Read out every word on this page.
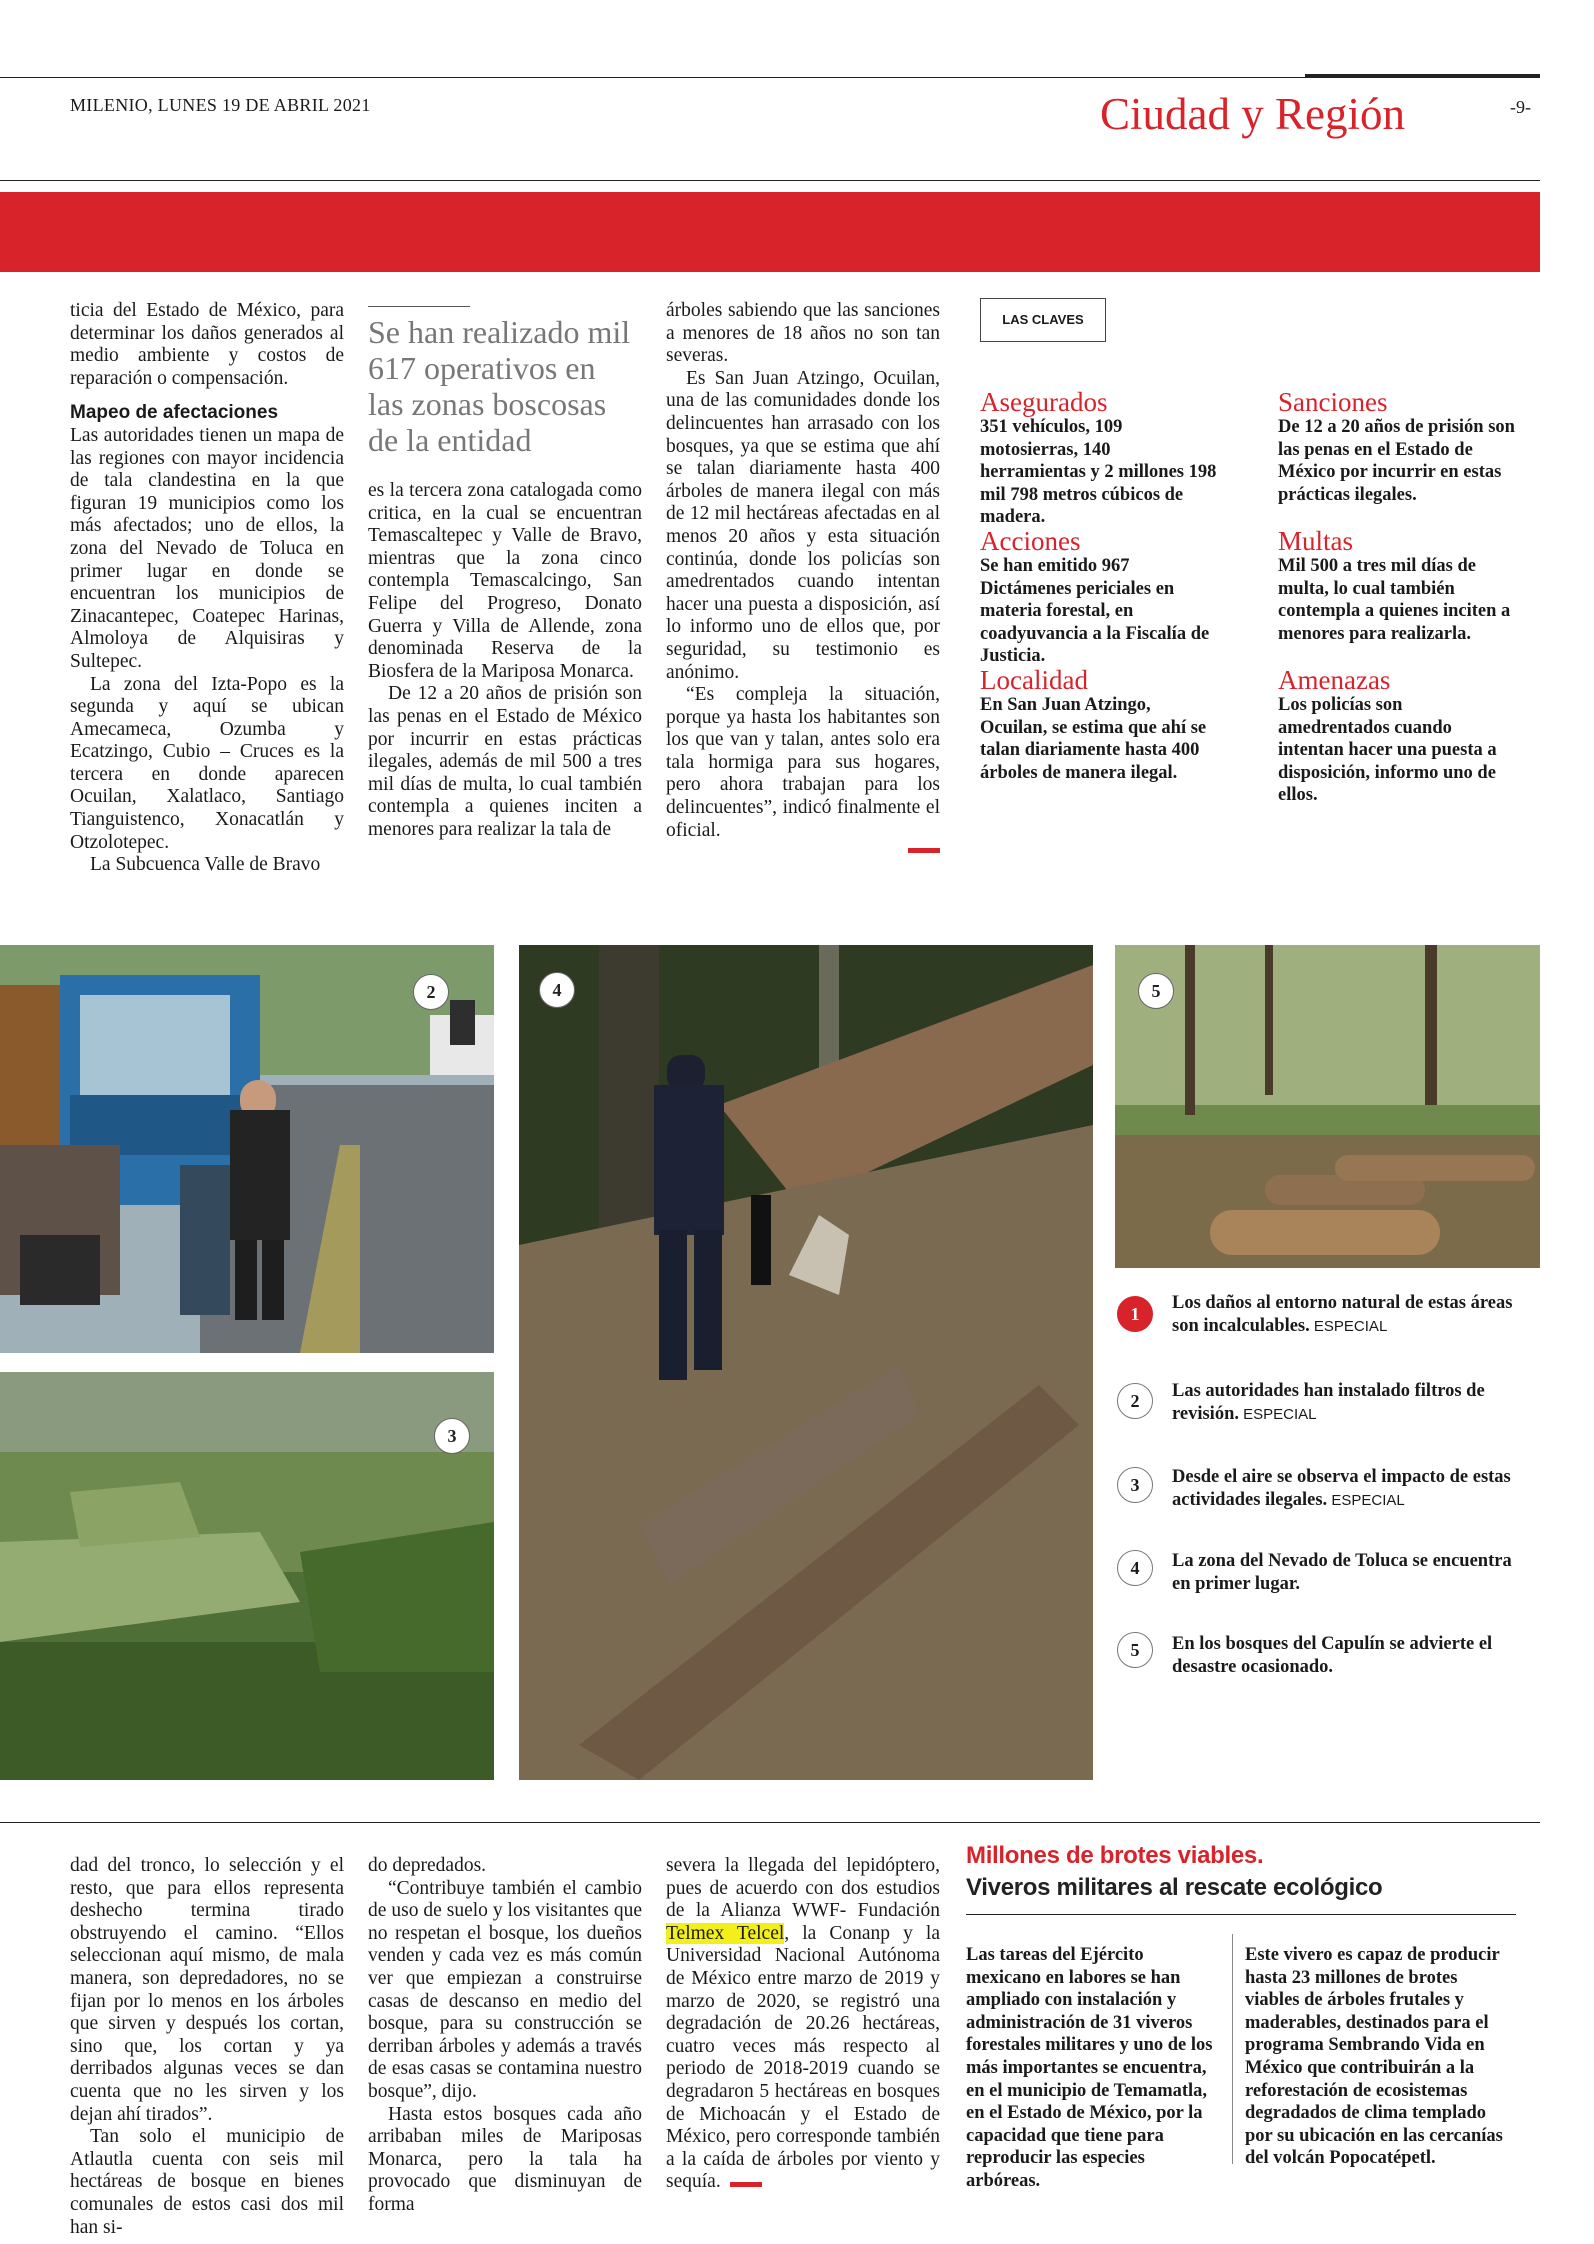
MILENIO, LUNES 19 DE ABRIL 2021	Ciudad y Región	-9-

ticia del Estado de México, para determinar los daños generados al medio ambiente y costos de reparación o compensación.

Mapeo de afectaciones

Las autoridades tienen un mapa de las regiones con mayor incidencia de tala clandestina en la que figuran 19 municipios como los más afectados; uno de ellos, la zona del Nevado de Toluca en primer lugar en donde se encuentran los municipios de Zinacantepec, Coatepec Harinas, Almoloya de Alquisiras y Sultepec.

La zona del Izta-Popo es la segunda y aquí se ubican Amecameca, Ozumba y Ecatzingo, Cubio – Cruces es la tercera en donde aparecen Ocuilan, Xalatlaco, Santiago Tianguistenco, Xonacatlán y Otzolotepec.

La Subcuenca Valle de Bravo

Se han realizado mil 617 operativos en las zonas boscosas de la entidad

es la tercera zona catalogada como critica, en la cual se encuentran Temascaltepec y Valle de Bravo, mientras que la zona cinco contempla Temascalcingo, San Felipe del Progreso, Donato Guerra y Villa de Allende, zona denominada Reserva de la Biosfera de la Mariposa Monarca.

De 12 a 20 años de prisión son las penas en el Estado de México por incurrir en estas prácticas ilegales, además de mil 500 a tres mil días de multa, lo cual también contempla a quienes inciten a menores para realizar la tala de

árboles sabiendo que las sanciones a menores de 18 años no son tan severas.

Es San Juan Atzingo, Ocuilan, una de las comunidades donde los delincuentes han arrasado con los bosques, ya que se estima que ahí se talan diariamente hasta 400 árboles de manera ilegal con más de 12 mil hectáreas afectadas en al menos 20 años y esta situación continúa, donde los policías son amedrentados cuando intentan hacer una puesta a disposición, así lo informo uno de ellos que, por seguridad, su testimonio es anónimo.

“Es compleja la situación, porque ya hasta los habitantes son los que van y talan, antes solo era tala hormiga para sus hogares, pero ahora trabajan para los delincuentes”, indicó finalmente el oficial.

LAS CLAVES
Asegurados

351 vehículos, 109 motosierras, 140 herramientas y 2 millones 198 mil 798 metros cúbicos de madera.

Sanciones

De 12 a 20 años de prisión son las penas en el Estado de México por incurrir en estas prácticas ilegales.

Acciones

Se han emitido 967 Dictámenes periciales en materia forestal, en coadyuvancia a la Fiscalía de Justicia.

Multas

Mil 500 a tres mil días de multa, lo cual también contempla a quienes inciten a menores para realizarla.

Localidad

En San Juan Atzingo, Ocuilan, se estima que ahí se talan diariamente hasta 400 árboles de manera ilegal.

Amenazas

Los policías son amedrentados cuando intentan hacer una puesta a disposición, informo uno de ellos.

2
3
4	5
1
Los daños al entorno natural de estas áreas son incalculables. ESPECIAL
2	Las autoridades han instalado filtros de revisión. ESPECIAL
3	Desde el aire se observa el impacto de estas actividades ilegales. ESPECIAL
4	La zona del Nevado de Toluca se encuentra en primer lugar.
5	En los bosques del Capulín se advierte el desastre ocasionado.

dad del tronco, lo selección y el resto, que para ellos representa deshecho termina tirado obstruyendo el camino. “Ellos seleccionan aquí mismo, de mala manera, son depredadores, no se fijan por lo menos en los árboles que sirven y después los cortan, sino que, los cortan y ya derribados algunas veces se dan cuenta que no les sirven y los dejan ahí tirados”.

Tan solo el municipio de Atlautla cuenta con seis mil hectáreas de bosque en bienes comunales de estos casi dos mil han si-

do depredados.

“Contribuye también el cambio de uso de suelo y los visitantes que no respetan el bosque, los dueños venden y cada vez es más común ver que empiezan a construirse casas de descanso en medio del bosque, para su construcción se derriban árboles y además a través de esas casas se contamina nuestro bosque”, dijo.

Hasta estos bosques cada año arribaban miles de Mariposas Monarca, pero la tala ha provocado que disminuyan de forma

severa la llegada del lepidóptero, pues de acuerdo con dos estudios de la Alianza WWF- Fundación Telmex Telcel, la Conanp y la Universidad Nacional Autónoma de México entre marzo de 2019 y marzo de 2020, se registró una degradación de 20.26 hectáreas, cuatro veces más respecto al periodo de 2018-2019 cuando se degradaron 5 hectáreas en bosques de Michoacán y el Estado de México, pero corresponde también a la caída de árboles por viento y sequía.

Millones de brotes viables.
Viveros militares al rescate ecológico
Las tareas del Ejército mexicano en labores se han ampliado con instalación y administración de 31 viveros forestales militares y uno de los más importantes se encuentra, en el municipio de Temamatla, en el Estado de México, por la capacidad que tiene para reproducir las especies arbóreas.
Este vivero es capaz de producir hasta 23 millones de brotes viables de árboles frutales y maderables, destinados para el programa Sembrando Vida en México que contribuirán a la reforestación de ecosistemas degradados de clima templado por su ubicación en las cercanías del volcán Popocatépetl.
